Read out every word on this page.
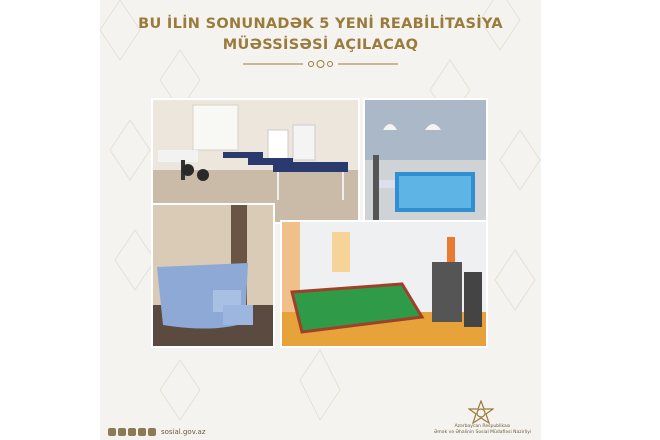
BU İLİN SONUNADƏK 5 YENİ REABİLİTASİYA
MÜƏSSİSƏSİ AÇILACAQ
Azərbaycan Respublikası
Əmək və Əhalinin Sosial Müdafiəsi Nazirliyi
sosial.gov.az
